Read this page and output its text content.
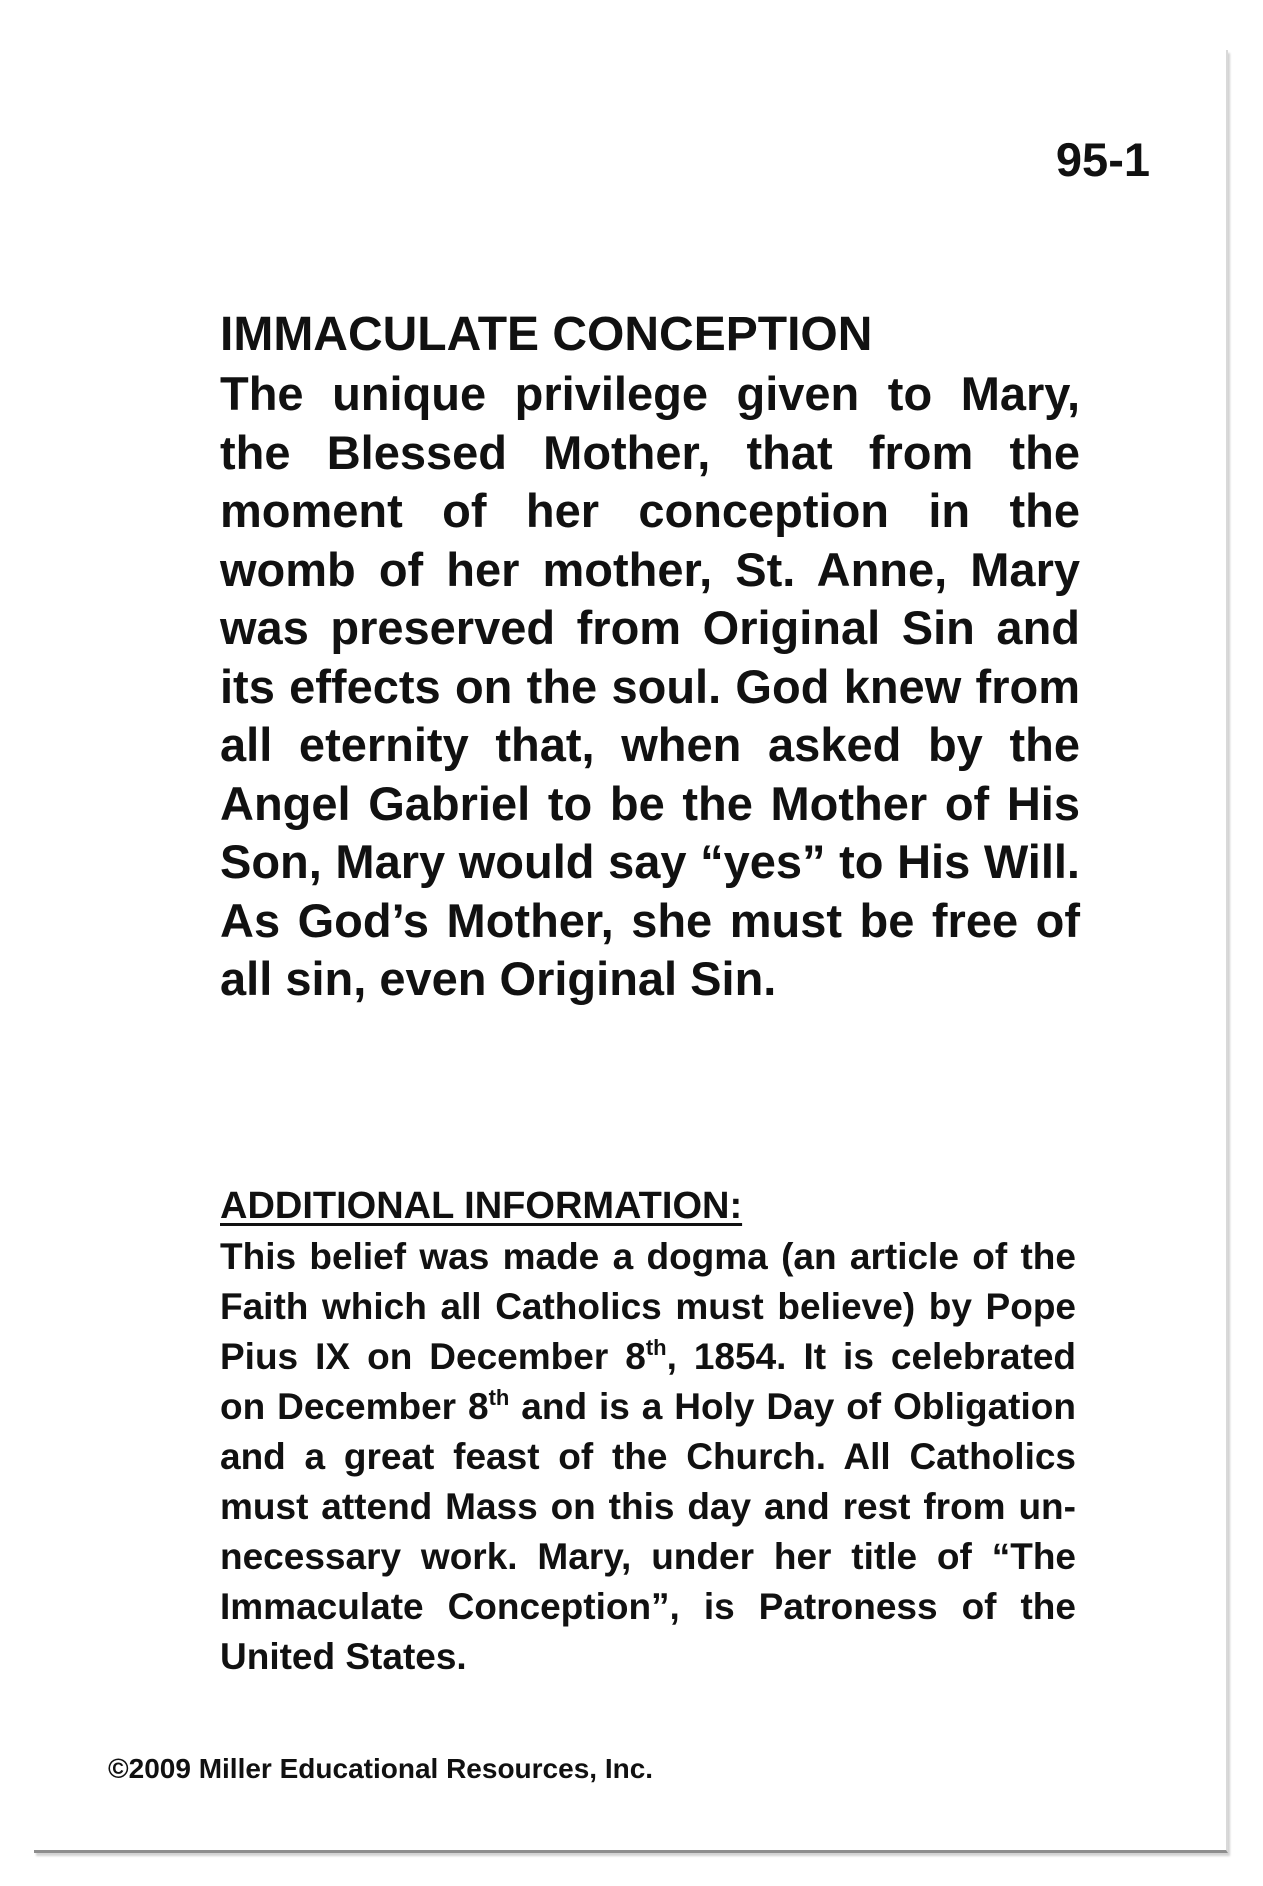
95-1
IMMACULATE CONCEPTION

The unique privilege given to Mary, the Blessed Mother, that from the moment of her conception in the womb of her mother, St. Anne, Mary was preserved from Original Sin and its effects on the soul. God knew from all eternity that, when asked by the Angel Gabriel to be the Mother of His Son, Mary would say “yes” to His Will. As God’s Mother, she must be free of all sin, even Original Sin.

ADDITIONAL INFORMATION:

This belief was made a dogma (an article of the Faith which all Catholics must believe) by Pope Pius IX on December 8th, 1854. It is celebrated on December 8th and is a Holy Day of Obligation and a great feast of the Church. All Catholics must attend Mass on this day and rest from unnecessary work. Mary, under her title of “The Immaculate Conception”, is Patroness of the United States.

©2009 Miller Educational Resources, Inc.
